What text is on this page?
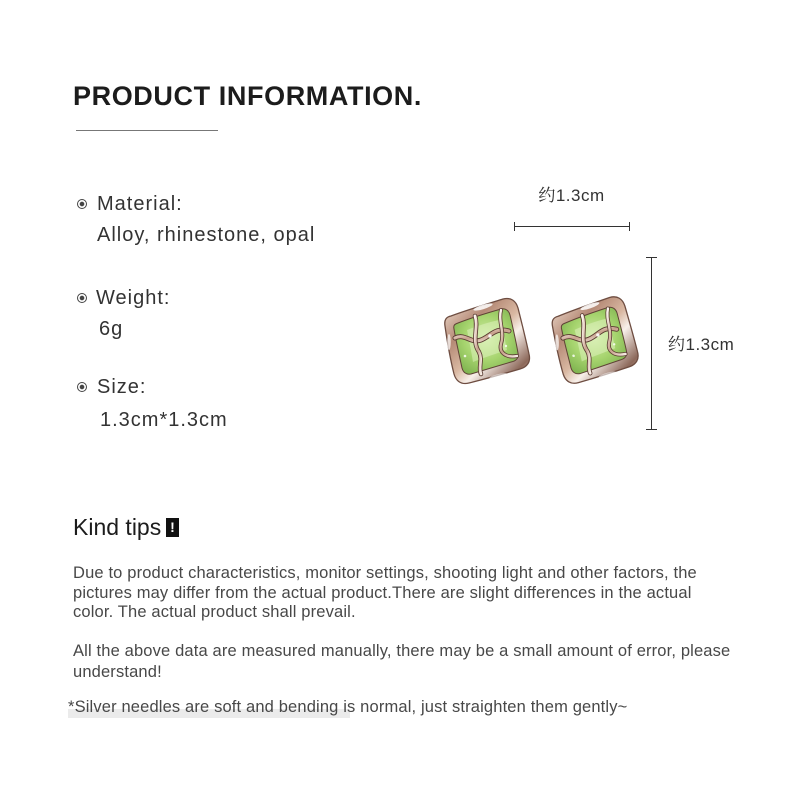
PRODUCT INFORMATION.
Material:
Alloy, rhinestone, opal
Weight:
6g
Size:
1.3cm*1.3cm
约1.3cm
约1.3cm
Kind tips !
Due to product characteristics, monitor settings, shooting light and other factors, the
pictures may differ from the actual product.There are slight differences in the actual
color. The actual product shall prevail.
All the above data are measured manually, there may be a small amount of error, please
understand!
*Silver needles are soft and bending is normal, just straighten them gently~
